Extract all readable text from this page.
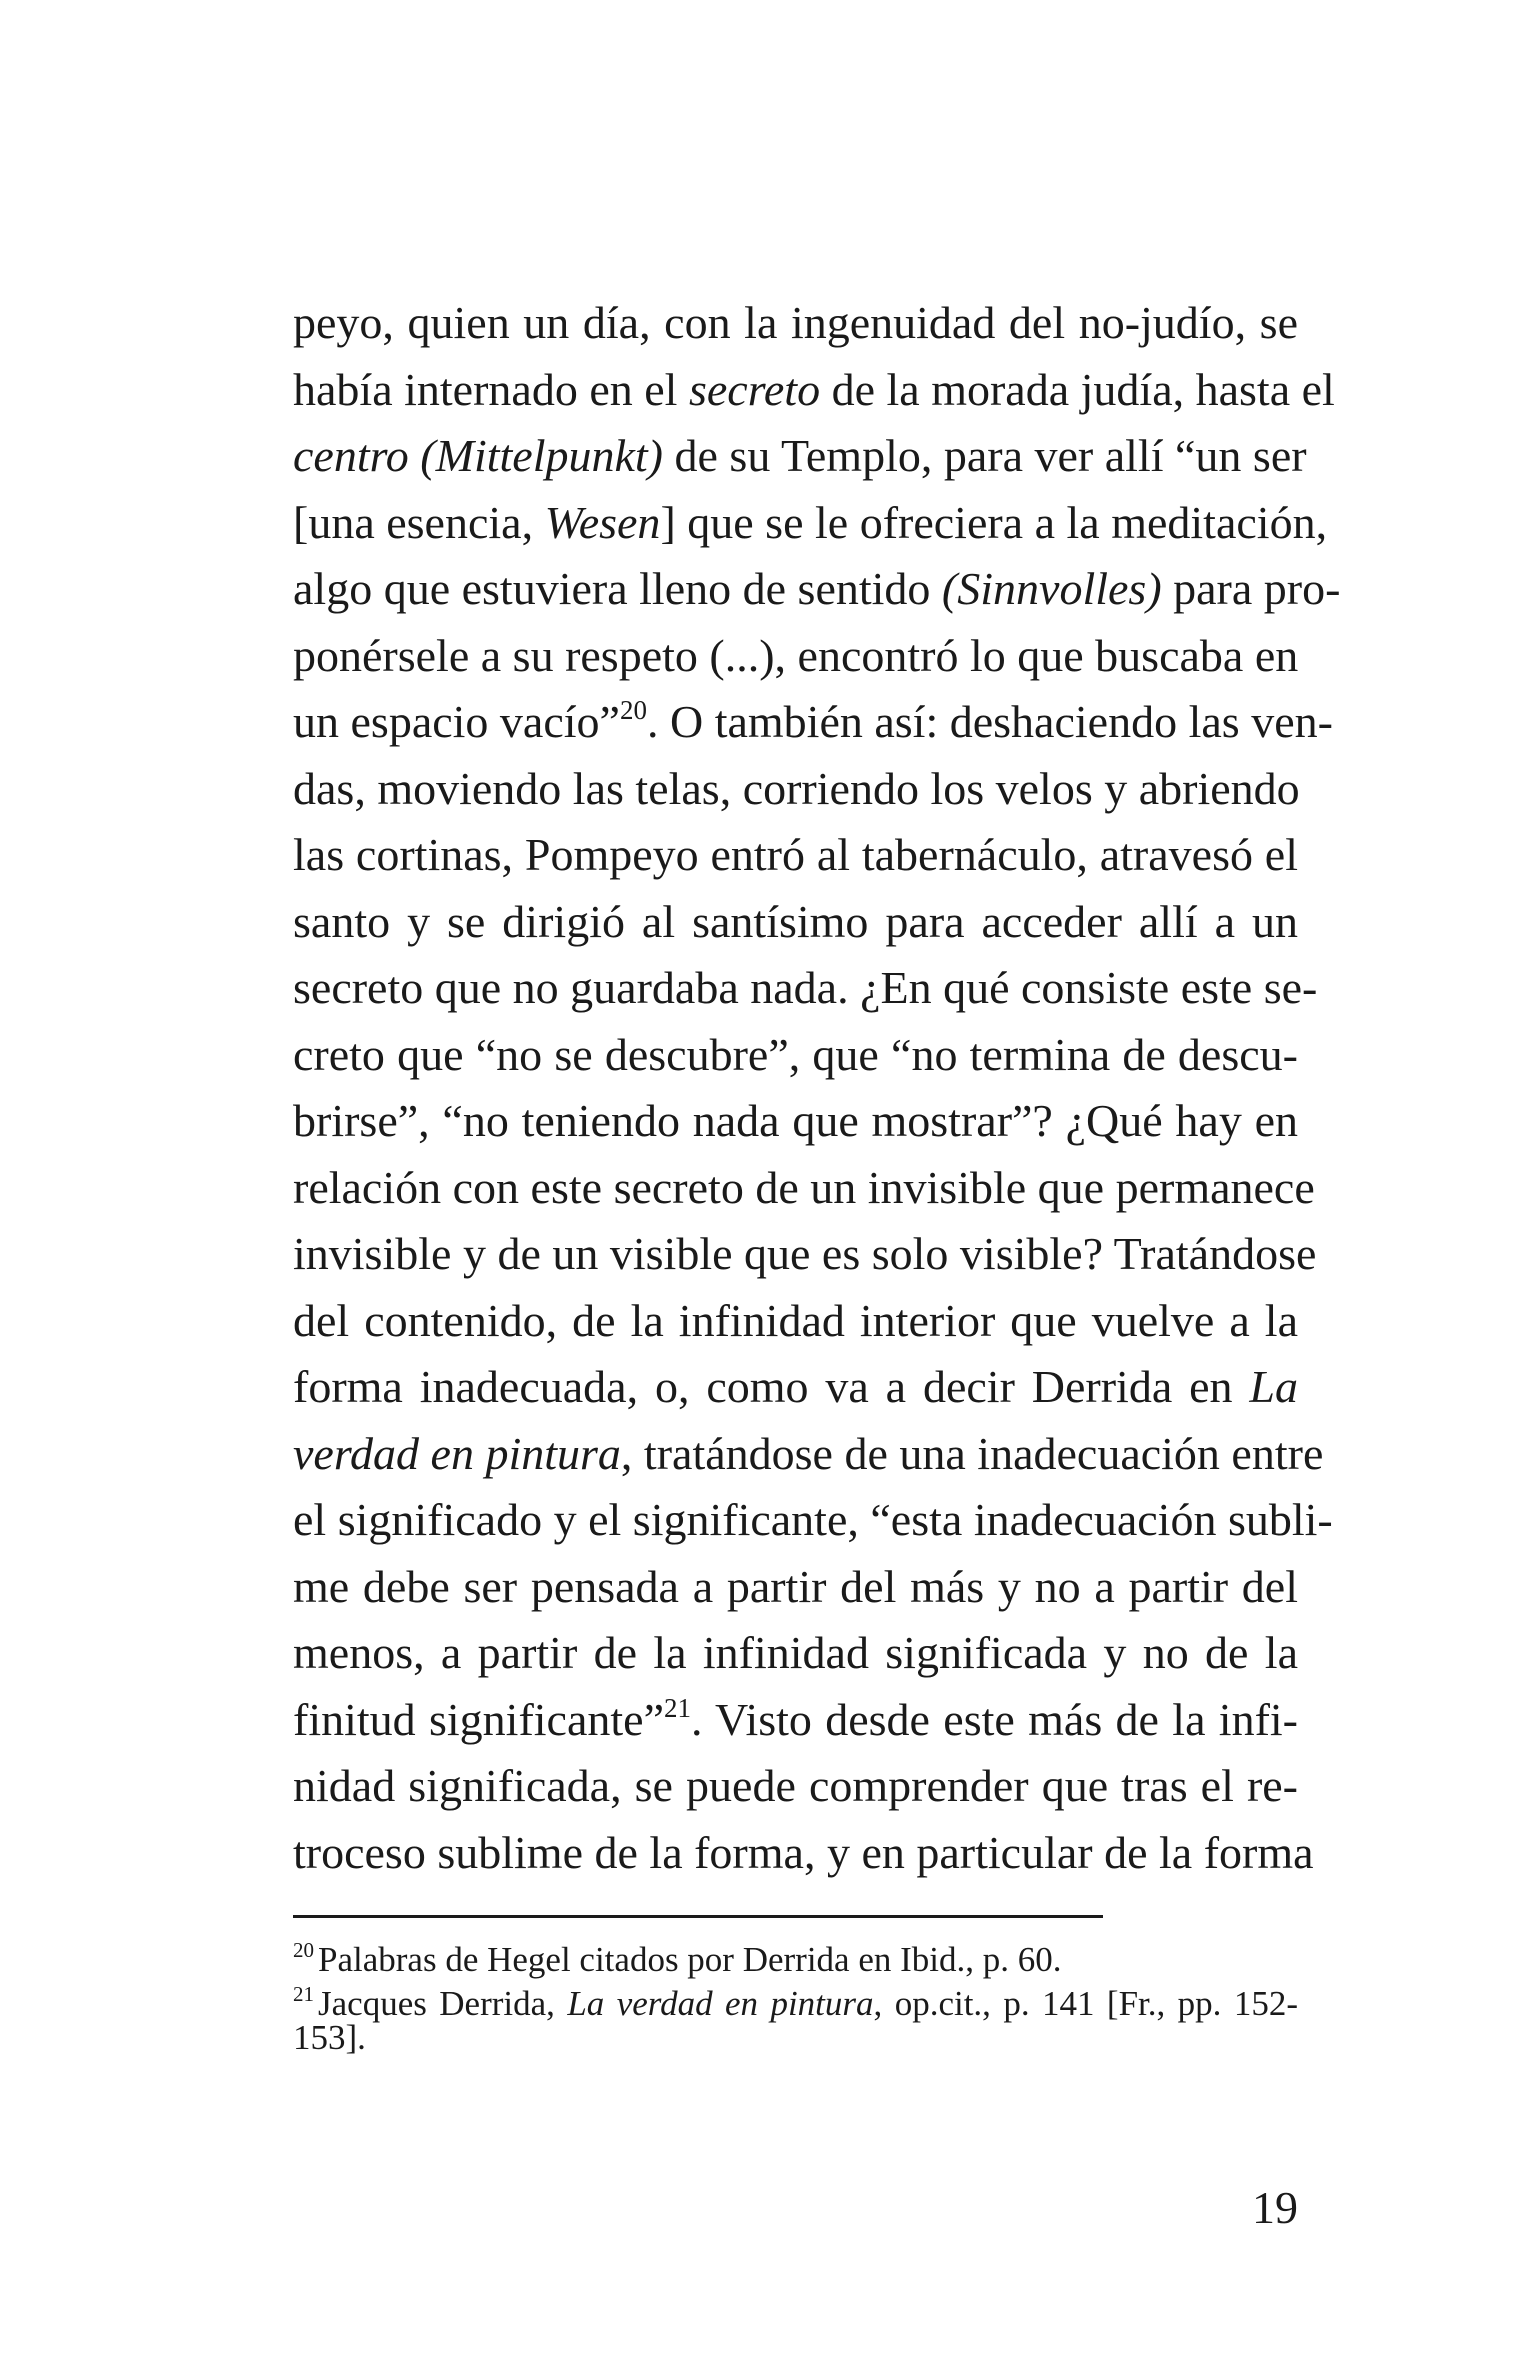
peyo, quien un día, con la ingenuidad del no-judío, se
había internado en el secreto de la morada judía, hasta el
centro (Mittelpunkt) de su Templo, para ver allí “un ser
[una esencia, Wesen] que se le ofreciera a la meditación,
algo que estuviera lleno de sentido (Sinnvolles) para pro-
ponérsele a su respeto (...), encontró lo que buscaba en
un espacio vacío”$^{20}$. O también así: deshaciendo las ven-
das, moviendo las telas, corriendo los velos y abriendo
las cortinas, Pompeyo entró al tabernáculo, atravesó el
santo y se dirigió al santísimo para acceder allí a un
secreto que no guardaba nada. ¿En qué consiste este se-
creto que “no se descubre”, que “no termina de descu-
brirse”, “no teniendo nada que mostrar”? ¿Qué hay en
relación con este secreto de un invisible que permanece
invisible y de un visible que es solo visible? Tratándose
del contenido, de la infinidad interior que vuelve a la
forma inadecuada, o, como va a decir Derrida en La
verdad en pintura, tratándose de una inadecuación entre
el significado y el significante, “esta inadecuación subli-
me debe ser pensada a partir del más y no a partir del
menos, a partir de la infinidad significada y no de la
finitud significante”$^{21}$. Visto desde este más de la infi-
nidad significada, se puede comprender que tras el re-
troceso sublime de la forma, y en particular de la forma
$^{20}$ Palabras de Hegel citados por Derrida en Ibid., p. 60.
$^{21}$ Jacques Derrida, La verdad en pintura, op.cit., p. 141 [Fr., pp. 152-
153].
19
